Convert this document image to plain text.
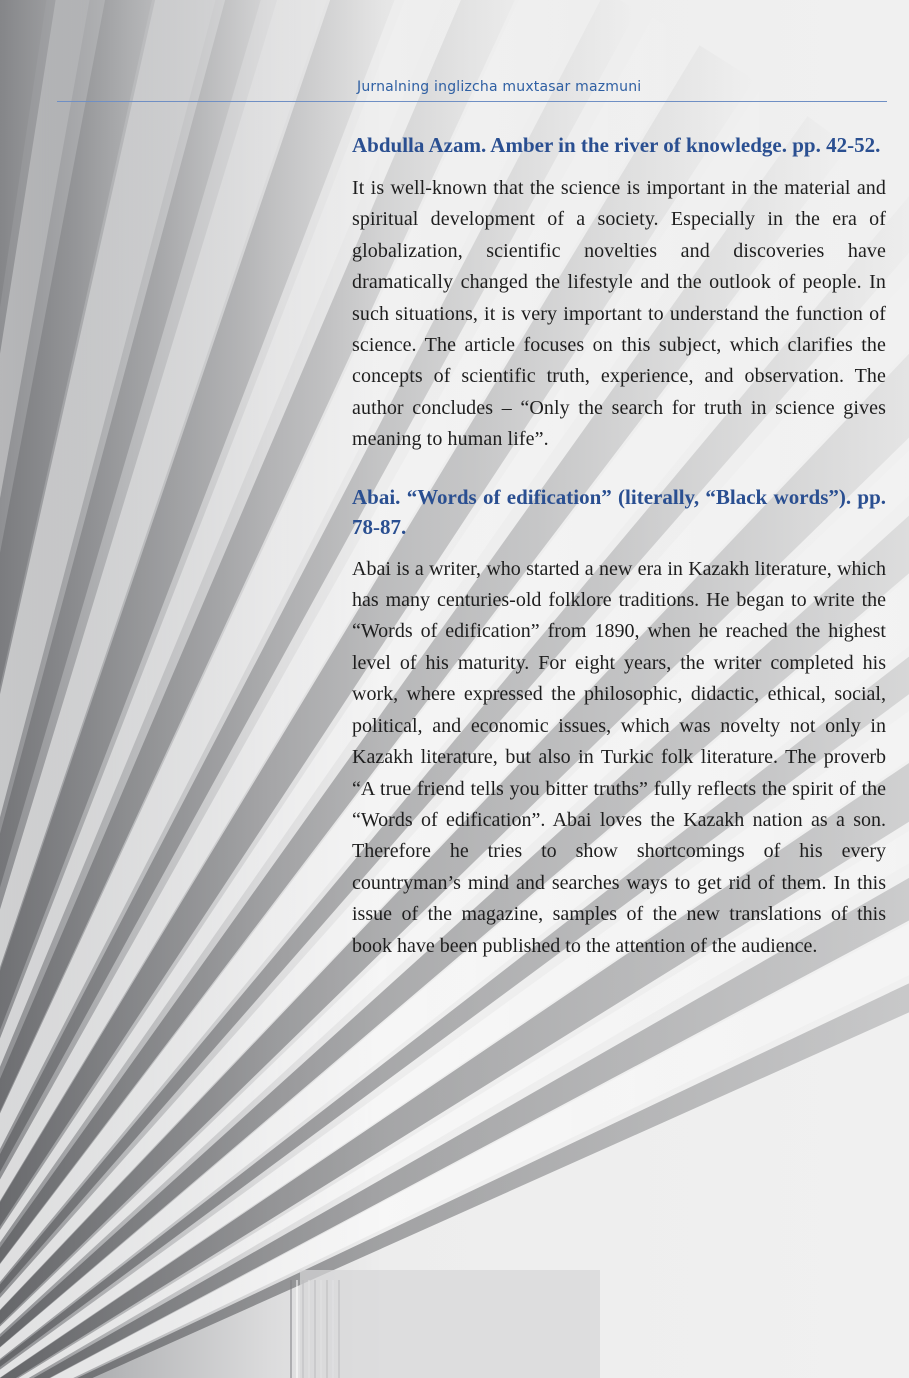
Jurnalning inglizcha muxtasar mazmuni
Abdulla Azam. Amber in the river of knowledge. pp. 42-52.

It is well-known that the science is important in the material and spiritual development of a society. Especially in the era of globalization, scientific novelties and discoveries have dramatically changed the lifestyle and the outlook of people. In such situations, it is very important to understand the function of science. The article focuses on this subject, which clarifies the concepts of scientific truth, experience, and observation. The author concludes – “Only the search for truth in science gives meaning to human life”.

Abai. “Words of edification” (literally, “Black words”). pp. 78-87.

Abai is a writer, who started a new era in Kazakh literature, which has many centuries-old folklore traditions. He began to write the “Words of edification” from 1890, when he reached the highest level of his maturity. For eight years, the writer completed his work, where expressed the philosophic, didactic, ethical, social, political, and economic issues, which was novelty not only in Kazakh literature, but also in Turkic folk literature. The proverb “A true friend tells you bitter truths” fully reflects the spirit of the “Words of edification”. Abai loves the Kazakh nation as a son. Therefore he tries to show shortcomings of his every countryman’s mind and searches ways to get rid of them. In this issue of the magazine, samples of the new translations of this book have been published to the attention of the audience.
